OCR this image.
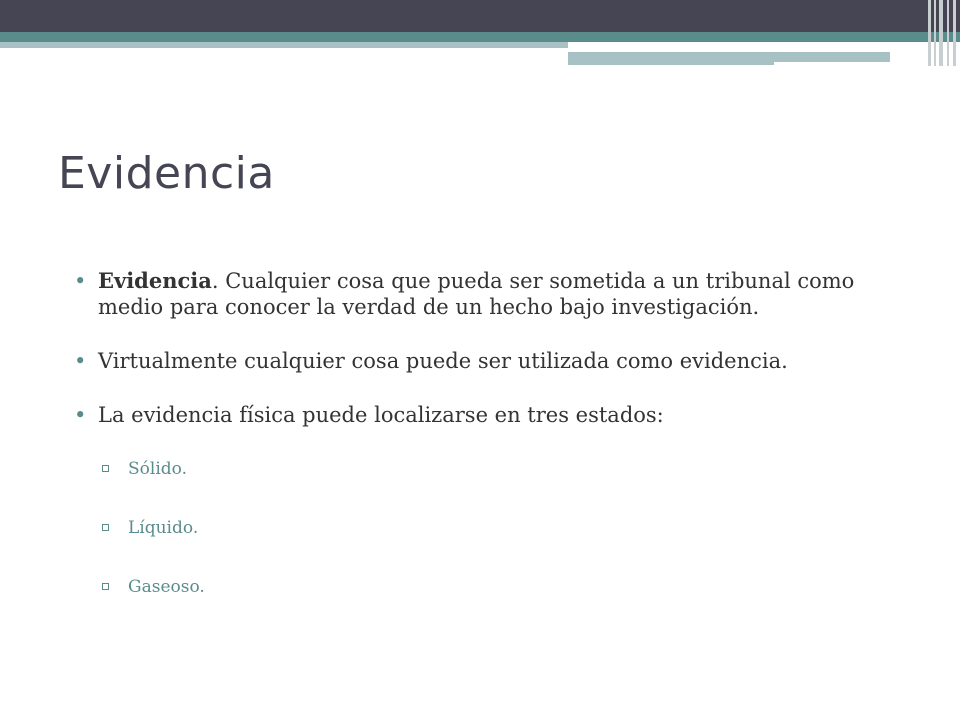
Evidencia
• Evidencia. Cualquier cosa que pueda ser sometida a un tribunal como medio para conocer la verdad de un hecho bajo investigación.
• Virtualmente cualquier cosa puede ser utilizada como evidencia.
• La evidencia física puede localizarse en tres estados:
Sólido.
Líquido.
Gaseoso.
